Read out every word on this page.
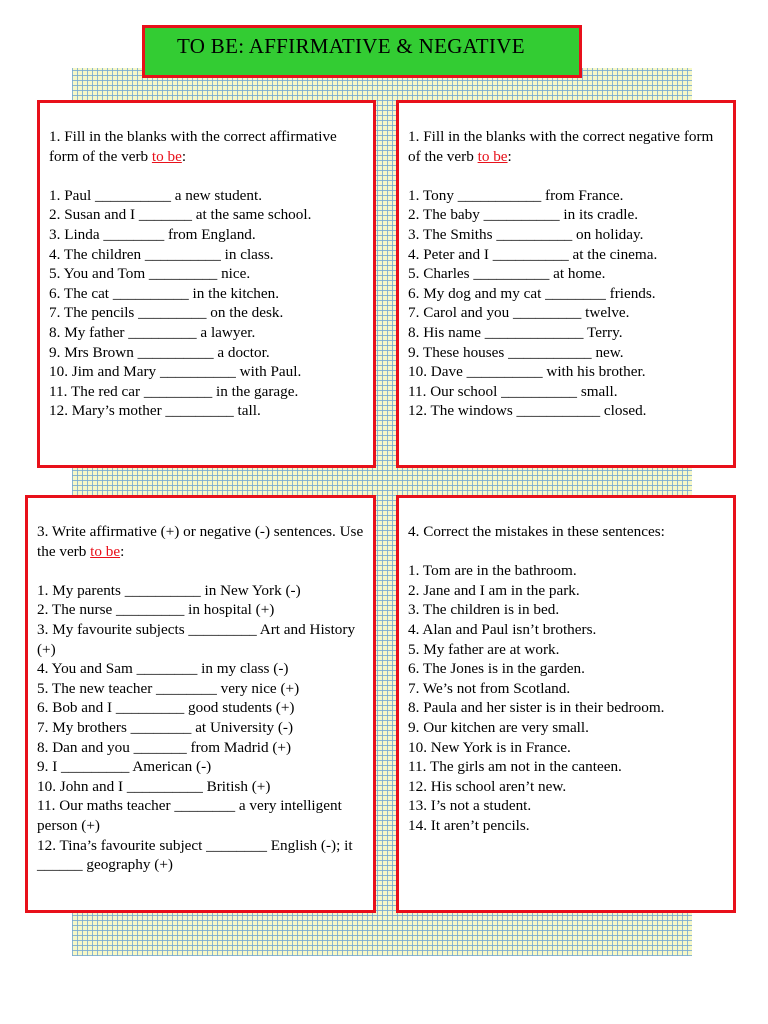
TO BE: AFFIRMATIVE & NEGATIVE

1. Fill in the blanks with the correct affirmative form of the verb to be:

1. Paul __________ a new student.
2. Susan and I _______ at the same school.
3. Linda ________ from England.
4. The children __________ in class.
5. You and Tom _________ nice.
6. The cat __________ in the kitchen.
7. The pencils _________ on the desk.
8. My father _________ a lawyer.
9. Mrs Brown __________ a doctor.
10. Jim and Mary __________ with Paul.
11. The red car _________ in the garage.
12. Mary’s mother _________ tall.

1. Fill in the blanks with the correct negative form of the verb to be:

1. Tony ___________ from France.
2. The baby __________ in its cradle.
3. The Smiths __________ on holiday.
4. Peter and I __________ at the cinema.
5. Charles __________ at home.
6. My dog and my cat ________ friends.
7. Carol and you _________ twelve.
8. His name _____________ Terry.
9. These houses ___________ new.
10. Dave __________ with his brother.
11. Our school __________ small.
12. The windows ___________ closed.

3. Write affirmative (+) or negative (-) sentences. Use the verb to be:

1. My parents __________ in New York (-)
2. The nurse _________ in hospital (+)
3. My favourite subjects _________ Art and History (+)
4. You and Sam ________ in my class (-)
5. The new teacher ________ very nice (+)
6. Bob and I _________ good students (+)
7. My brothers ________ at University (-)
8. Dan and you _______ from Madrid (+)
9. I _________ American (-)
10. John and I __________ British (+)
11. Our maths teacher ________ a very intelligent person (+)
12. Tina’s favourite subject ________ English (-); it ______ geography (+)

4. Correct the mistakes in these sentences:

1. Tom are in the bathroom.
2. Jane and I am in the park.
3. The children is in bed.
4. Alan and Paul isn’t brothers.
5. My father are at work.
6. The Jones is in the garden.
7. We’s not from Scotland.
8. Paula and her sister is in their bedroom.
9. Our kitchen are very small.
10. New York is in France.
11. The girls am not in the canteen.
12. His school aren’t new.
13. I’s not a student.
14. It aren’t pencils.
